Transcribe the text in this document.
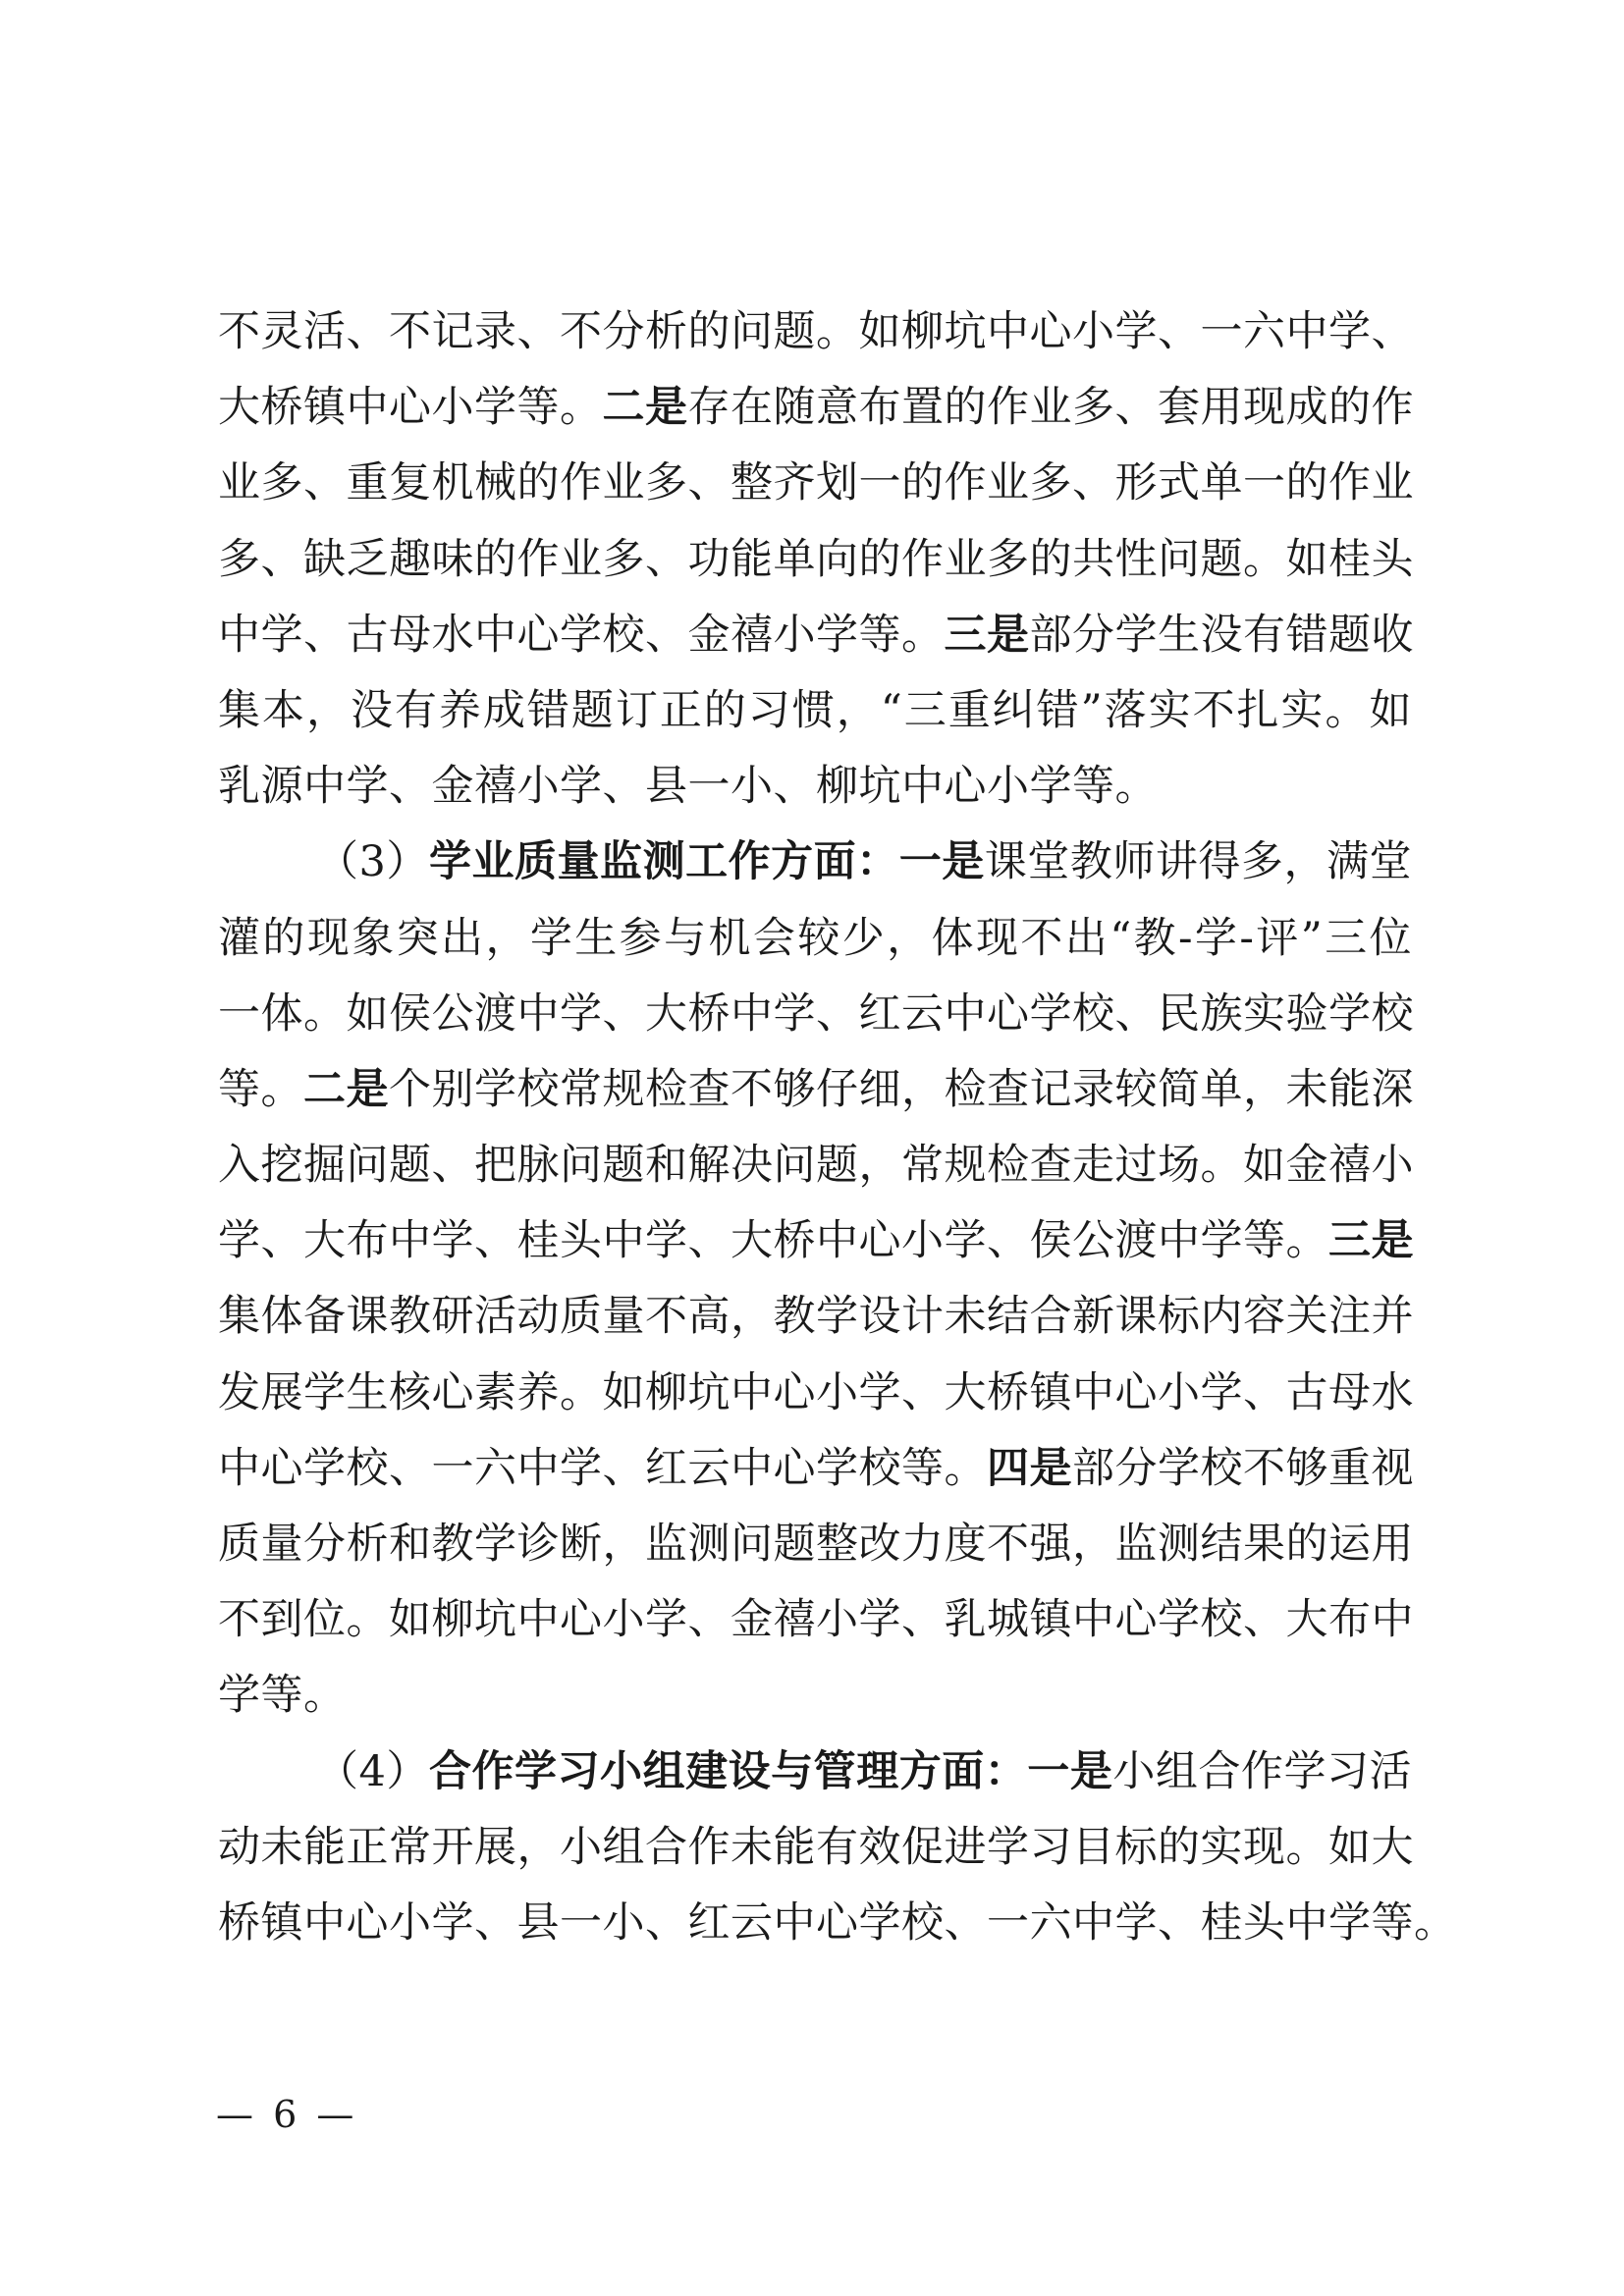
不灵活、不记录、不分析的问题。如柳坑中心小学、一六中学、
大桥镇中心小学等。二是存在随意布置的作业多、套用现成的作
业多、重复机械的作业多、整齐划一的作业多、形式单一的作业
多、缺乏趣味的作业多、功能单向的作业多的共性问题。如桂头
中学、古母水中心学校、金禧小学等。三是部分学生没有错题收
集本，没有养成错题订正的习惯，“三重纠错”落实不扎实。如
乳源中学、金禧小学、县一小、柳坑中心小学等。
（3）学业质量监测工作方面：一是课堂教师讲得多，满堂
灌的现象突出，学生参与机会较少，体现不出“教-学-评”三位
一体。如侯公渡中学、大桥中学、红云中心学校、民族实验学校
等。二是个别学校常规检查不够仔细，检查记录较简单，未能深
入挖掘问题、把脉问题和解决问题，常规检查走过场。如金禧小
学、大布中学、桂头中学、大桥中心小学、侯公渡中学等。三是
集体备课教研活动质量不高，教学设计未结合新课标内容关注并
发展学生核心素养。如柳坑中心小学、大桥镇中心小学、古母水
中心学校、一六中学、红云中心学校等。四是部分学校不够重视
质量分析和教学诊断，监测问题整改力度不强，监测结果的运用
不到位。如柳坑中心小学、金禧小学、乳城镇中心学校、大布中
学等。
（4）合作学习小组建设与管理方面：一是小组合作学习活
动未能正常开展，小组合作未能有效促进学习目标的实现。如大
桥镇中心小学、县一小、红云中心学校、一六中学、桂头中学等。
— 6 —
